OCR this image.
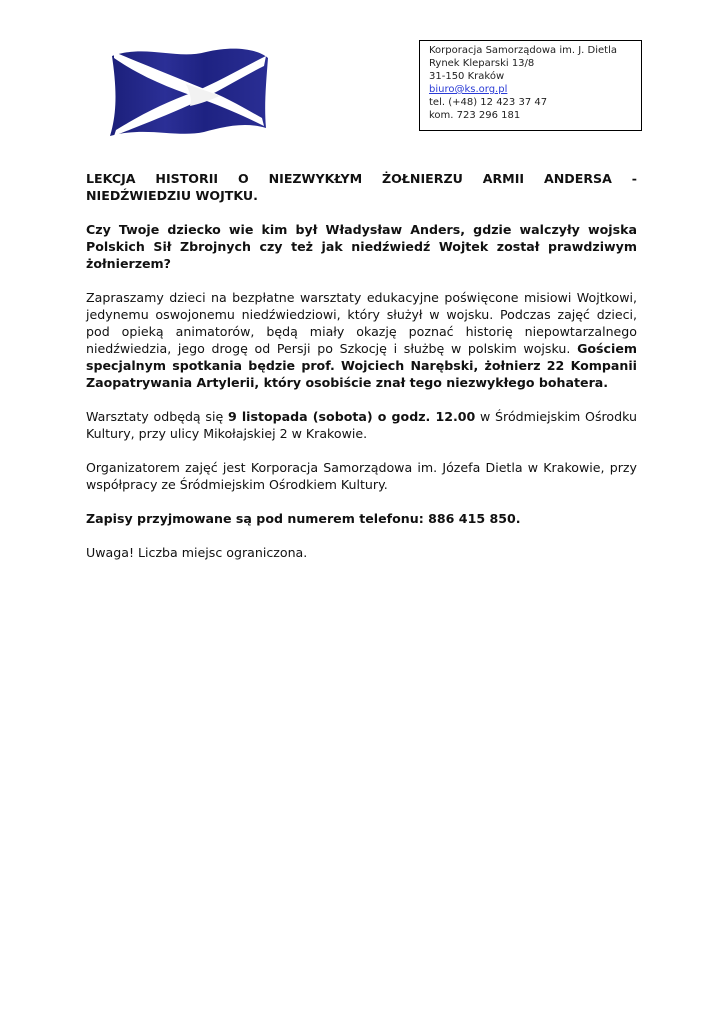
Korporacja Samorządowa im. J. Dietla
Rynek Kleparski 13/8
31-150 Kraków
biuro@ks.org.pl
tel. (+48) 12 423 37 47
kom. 723 296 181
LEKCJA HISTORII O NIEZWYKŁYM ŻOŁNIERZU ARMII ANDERSA -
NIEDŹWIEDZIU WOJTKU.

Czy Twoje dziecko wie kim był Władysław Anders, gdzie walczyły wojska Polskich Sił Zbrojnych czy też jak niedźwiedź Wojtek został prawdziwym żołnierzem?

Zapraszamy dzieci na bezpłatne warsztaty edukacyjne poświęcone misiowi Wojtkowi, jedynemu oswojonemu niedźwiedziowi, który służył w wojsku. Podczas zajęć dzieci, pod opieką animatorów, będą miały okazję poznać historię niepowtarzalnego niedźwiedzia, jego drogę od Persji po Szkocję i służbę w polskim wojsku. Gościem specjalnym spotkania będzie prof. Wojciech Narębski, żołnierz 22 Kompanii Zaopatrywania Artylerii, który osobiście znał tego niezwykłego bohatera.

Warsztaty odbędą się 9 listopada (sobota) o godz. 12.00 w Śródmiejskim Ośrodku Kultury, przy ulicy Mikołajskiej 2 w Krakowie.

Organizatorem zajęć jest Korporacja Samorządowa im. Józefa Dietla w Krakowie, przy współpracy ze Śródmiejskim Ośrodkiem Kultury.

Zapisy przyjmowane są pod numerem telefonu: 886 415 850.

Uwaga! Liczba miejsc ograniczona.
